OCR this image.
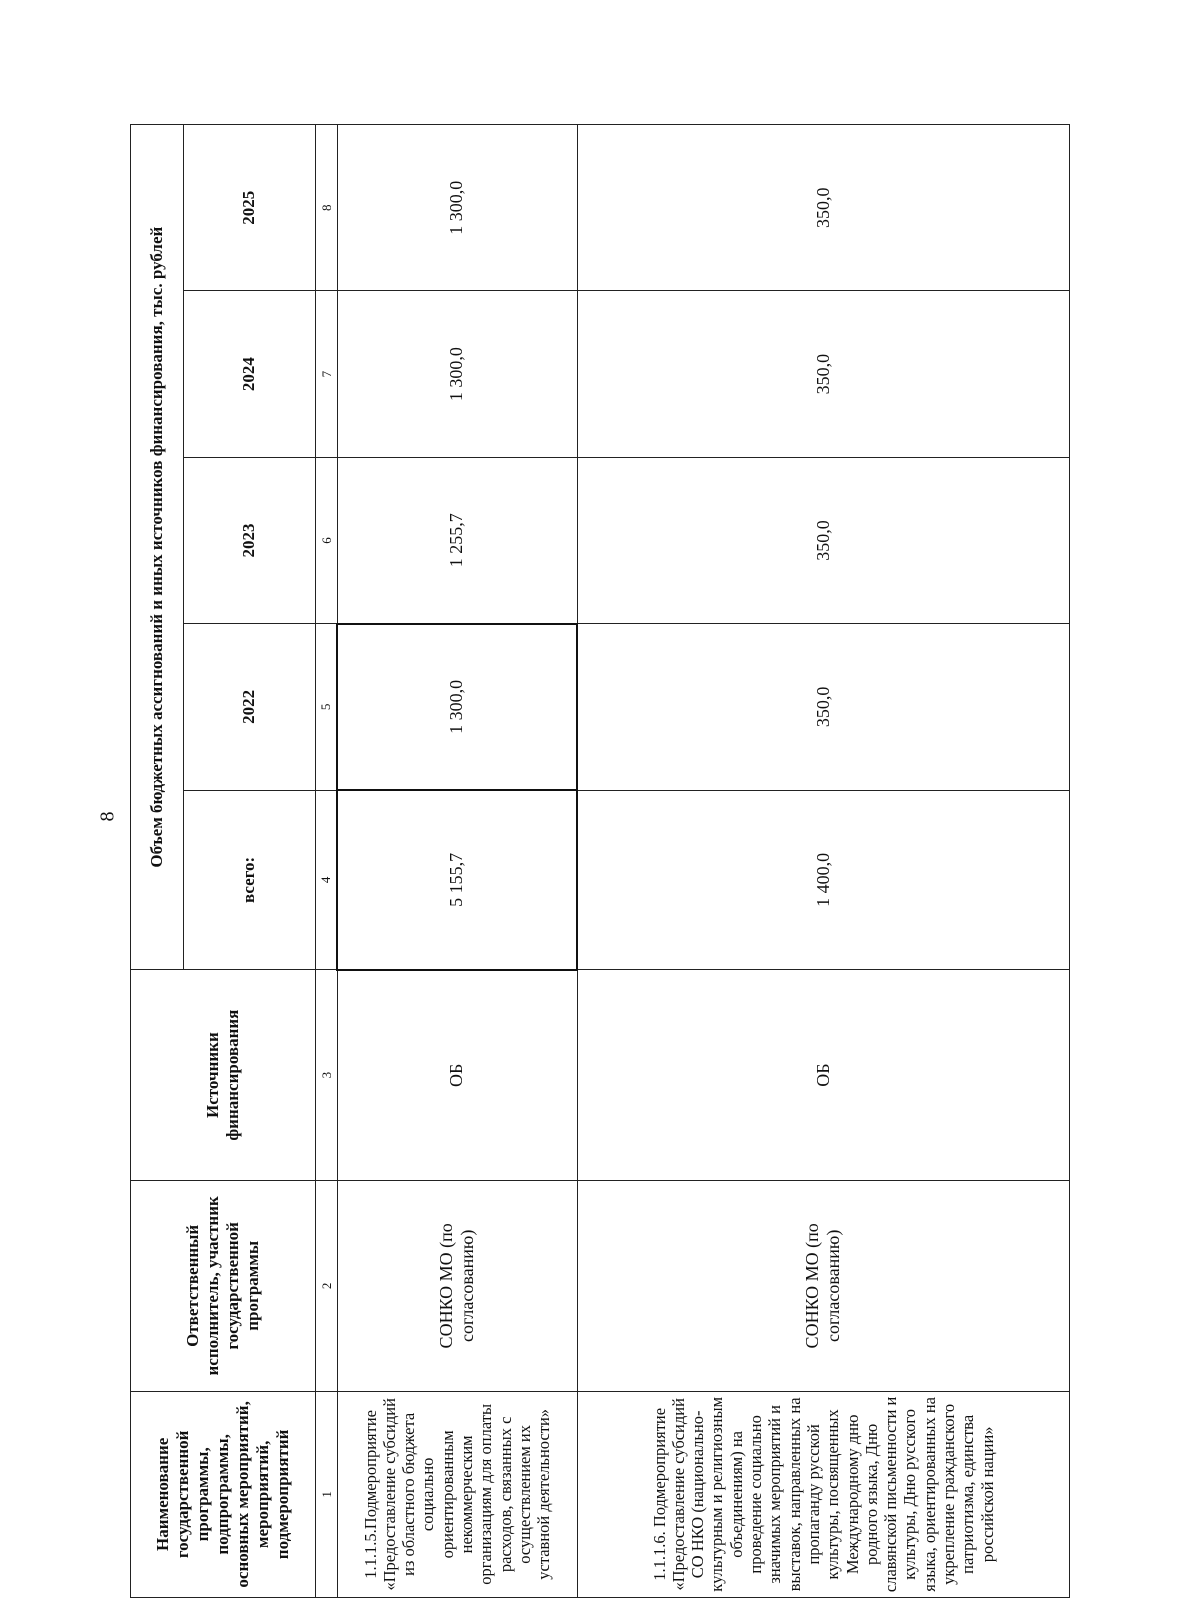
8
Наименование государственной программы, подпрограммы, основных мероприятий, мероприятий, подмероприятий	Ответственный исполнитель, участник государственной программы	Источники финансирования	Объем бюджетных ассигнований и иных источников финансирования, тыс. рублей				
			всего:	2022	2023	2024	2025
1	2	3	4	5	6	7	8
1.1.1.5.Подмероприятие «Предоставление субсидий из областного бюджета социально ориентированным некоммерческим организациям для оплаты расходов, связанных с осуществлением их уставной деятельности»	СОНКО МО (по согласованию)	ОБ	5 155,7	1 300,0	1 255,7	1 300,0	1 300,0
1.1.1.6. Подмероприятие «Предоставление субсидий СО НКО (национально-культурным и религиозным объединениям) на проведение социально значимых мероприятий и выставок, направленных на пропаганду русской культуры, посвященных Международному дню родного языка, Дню славянской письменности и культуры, Дню русского языка, ориентированных на укрепление гражданского патриотизма, единства российской нации»	СОНКО МО (по согласованию)	ОБ	1 400,0	350,0	350,0	350,0	350,0
